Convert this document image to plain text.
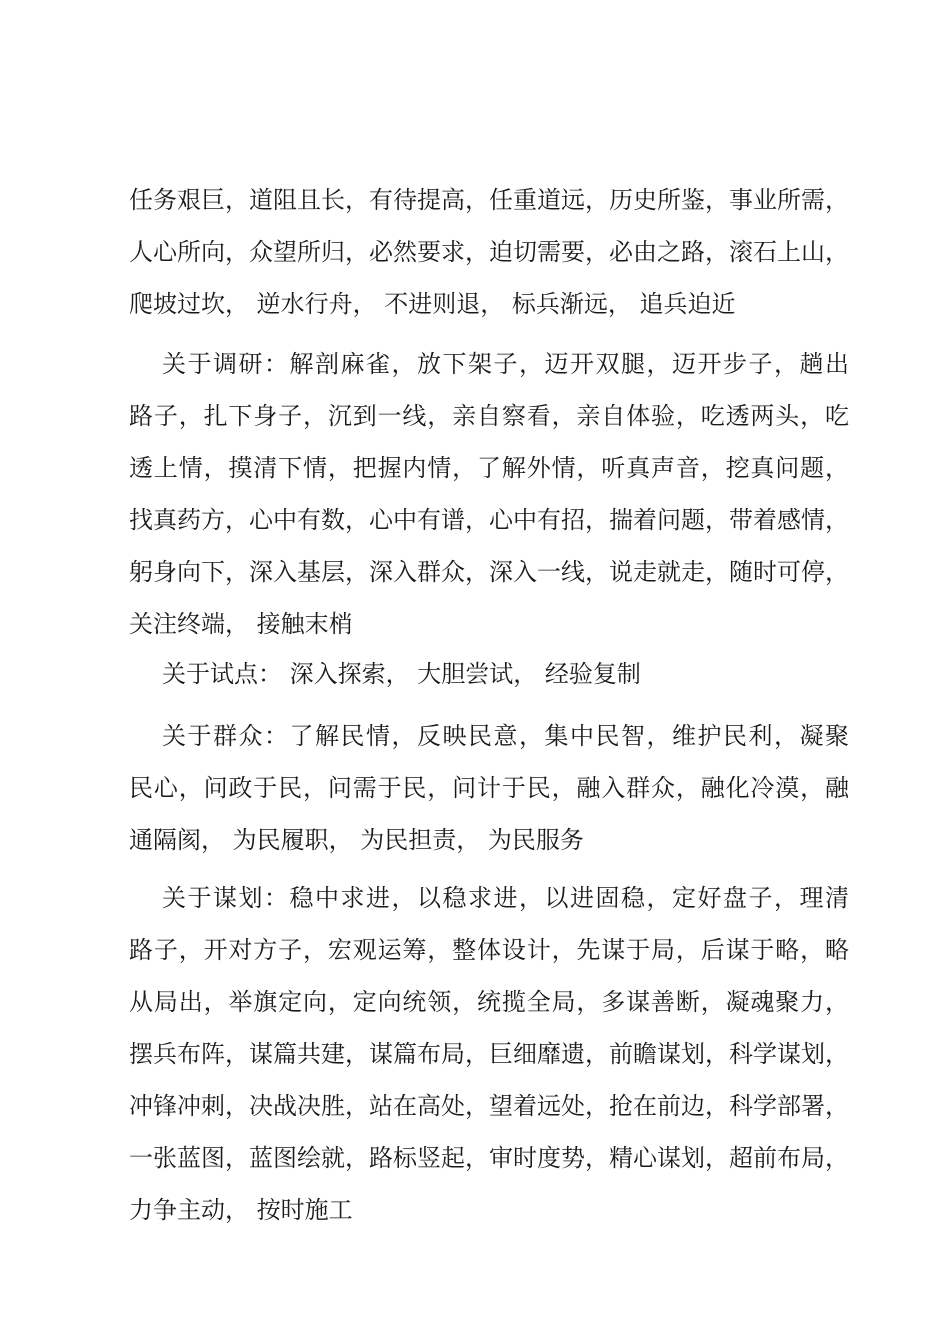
任务艰巨，道阻且长，有待提高，任重道远，历史所鉴，事业所需，
人心所向，众望所归，必然要求，迫切需要，必由之路，滚石上山，
爬坡过坎， 逆水行舟， 不进则退， 标兵渐远， 追兵迫近
关于调研：解剖麻雀，放下架子，迈开双腿，迈开步子，趟出
路子，扎下身子，沉到一线，亲自察看，亲自体验，吃透两头，吃
透上情，摸清下情，把握内情，了解外情，听真声音，挖真问题，
找真药方，心中有数，心中有谱，心中有招，揣着问题，带着感情，
躬身向下，深入基层，深入群众，深入一线，说走就走，随时可停，
关注终端， 接触末梢
关于试点： 深入探索， 大胆尝试， 经验复制
关于群众：了解民情，反映民意，集中民智，维护民利，凝聚
民心，问政于民，问需于民，问计于民，融入群众，融化冷漠，融
通隔阂， 为民履职， 为民担责， 为民服务
关于谋划：稳中求进，以稳求进，以进固稳，定好盘子，理清
路子，开对方子，宏观运筹，整体设计，先谋于局，后谋于略，略
从局出，举旗定向，定向统领，统揽全局，多谋善断，凝魂聚力，
摆兵布阵，谋篇共建，谋篇布局，巨细靡遗，前瞻谋划，科学谋划，
冲锋冲刺，决战决胜，站在高处，望着远处，抢在前边，科学部署，
一张蓝图，蓝图绘就，路标竖起，审时度势，精心谋划，超前布局，
力争主动， 按时施工
